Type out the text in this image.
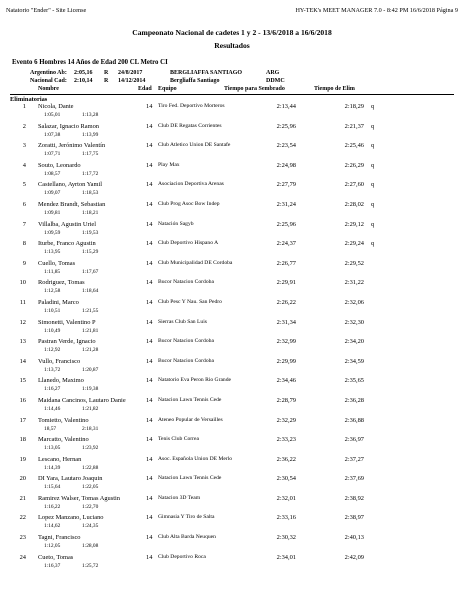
Natatorio "Ender" - Site License	HY-TEK's MEET MANAGER 7.0 - 8:42 PM 16/6/2018 Página 9
Campeonato Nacional de cadetes 1 y 2 - 13/6/2018 a 16/6/2018
Resultados
Evento 6 Hombres 14 Años de Edad 200 CL Metro CI
Argentino Ab: 2:05,16 R 24/8/2017	BERGLIAFFA SANTIAGO	ARG
Nacional Cad: 2:10,14 R 14/12/2014	Bergliaffa Santiago	DDMC
Nombre	Edad Equipo	Tiempo para Sembrado	Tiempo de Elim
Eliminatorias
1 Nicola, Dante	14 Tiro Fed. Deportivo Morteros	2:13,44	2:18,29 q
1:05,01	1:13,28
2 Salazar, Ignacio Ramon	14 Club DE Regatas Corrientes	2:25,96	2:21,37 q
1:07,38	1:13,99
3 Zoratti, Jerónimo Valentín	14 Club Atletico Union DE Santafe	2:23,54	2:25,46 q
1:07,71	1:17,75
4 Souto, Leonardo	14 Play Max	2:24,98	2:26,29 q
1:08,57	1:17,72
5 Castellano, Ayrton Yamil	14 Asociacion Deportiva Arenas	2:27,79	2:27,60 q
1:09,07	1:18,53
6 Mendez Brandt, Sebastian	14 Club Prog Asoc Bow Indep	2:31,24	2:28,02 q
1:09,81	1:18,21
7 Villalba, Agustin Uriel	14 Natación Sagyb	2:25,96	2:29,12 q
1:09,59	1:19,53
8 Iturbe, Franco Agustin	14 Club Deportivo Hispano A	2:24,37	2:29,24 q
1:13,95	1:15,29
9 Cuello, Tomas	14 Club Municipalidad DE Cordoba	2:26,77	2:29,52
1:11,85	1:17,67
10 Rodriguez, Tomas	14 Bucor Natacion Cordoba	2:29,91	2:31,22
1:12,58	1:18,64
11 Paladini, Marco	14 Club Pesc Y Nau. San Pedro	2:26,22	2:32,06
1:10,51	1:21,55
12 Simonetti, Valentino P	14 Sierras Club San Luis	2:31,34	2:32,30
1:10,49	1:21,81
13 Pastran Verde, Ignacio	14 Bucor Natacion Cordoba	2:32,99	2:34,20
1:12,92	1:21,28
14 Vullo, Francisco	14 Bucor Natacion Cordoba	2:29,99	2:34,59
1:13,72	1:20,87
15 Llanedo, Maximo	14 Natatorio Eva Peron Rio Grande	2:34,46	2:35,65
1:16,27	1:19,38
16 Maidana Cancinos, Lautaro Danie	14 Natacion Lawn Tennis Cede	2:28,79	2:36,28
1:14,46	1:21,82
17 Tomietto, Valentino	14 Ateneo Popular de Versailles	2:32,29	2:36,88
18,57	2:18,31
18 Marcatto, Valentino	14 Tenis Club Correa	2:33,23	2:36,97
1:13,05	1:23,92
19 Lescano, Hernan	14 Asoc. Española Union DE Merlo	2:36,22	2:37,27
1:14,39	1:22,88
20 DI Yara, Lautaro Joaquin	14 Natacion Lawn Tennis Cede	2:30,54	2:37,69
1:15,64	1:22,05
21 Ramirez Walser, Tomas Agustin	14 Natacion 3D Team	2:32,01	2:38,92
1:16,22	1:22,70
22 Lopez Manzano, Luciano	14 Gimnasia Y Tiro de Salta	2:33,16	2:38,97
1:14,62	1:24,35
23 Tagni, Francisco	14 Club Alta Barda Neuquen	2:30,32	2:40,13
1:12,05	1:28,08
24 Cueto, Tomas	14 Club Deportivo Roca	2:34,01	2:42,09
1:16,37	1:25,72
